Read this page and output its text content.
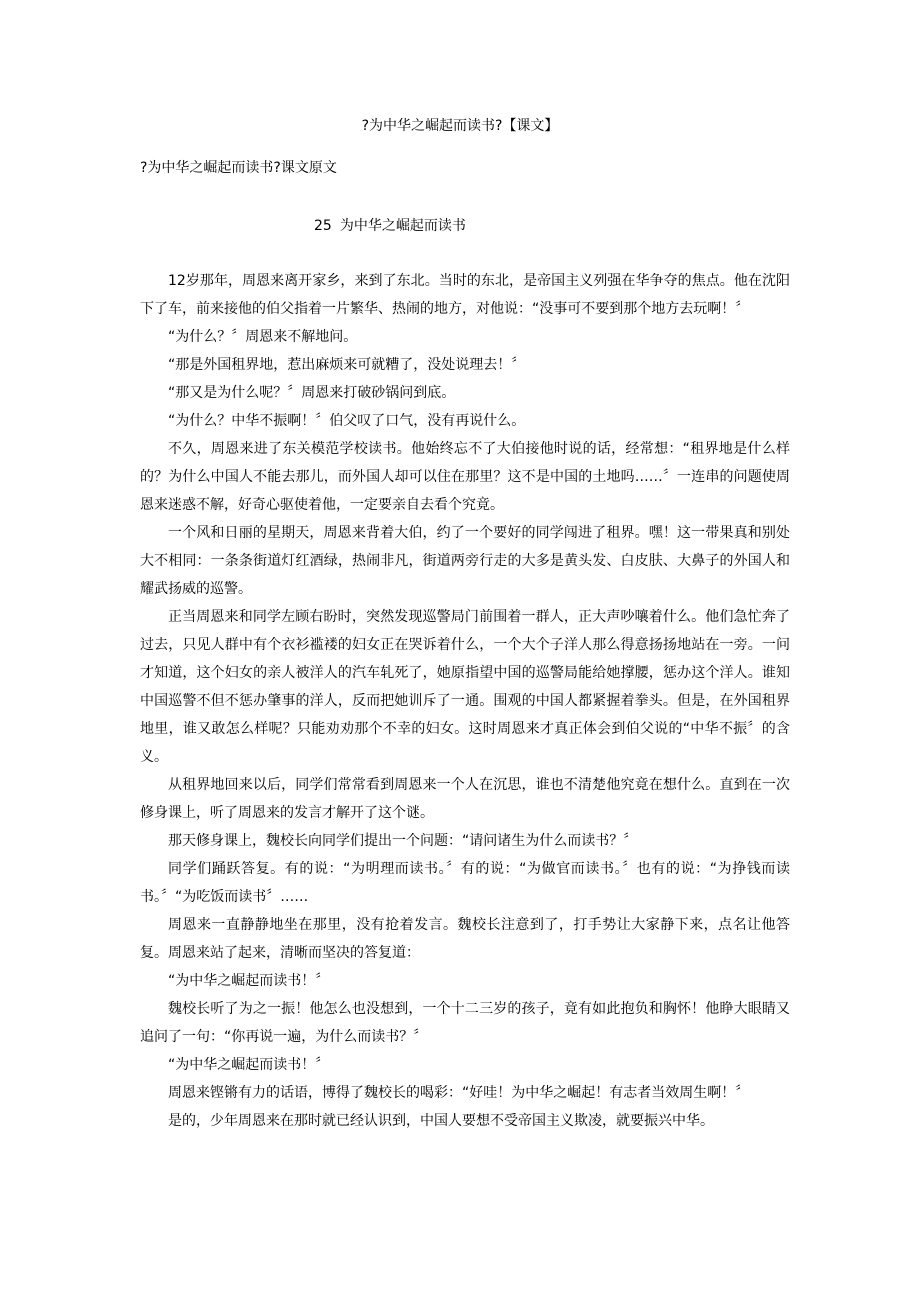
?为中华之崛起而读书?【课文】
?为中华之崛起而读书?课文原文
25 为中华之崛起而读书

12岁那年，周恩来离开家乡，来到了东北。当时的东北，是帝国主义列强在华争夺的焦点。他在沈阳下了车，前来接他的伯父指着一片繁华、热闹的地方，对他说：“没事可不要到那个地方去玩啊！〞

“为什么？〞周恩来不解地问。

“那是外国租界地，惹出麻烦来可就糟了，没处说理去！〞

“那又是为什么呢？〞周恩来打破砂锅问到底。

“为什么？中华不振啊！〞伯父叹了口气，没有再说什么。

不久，周恩来进了东关模范学校读书。他始终忘不了大伯接他时说的话，经常想：“租界地是什么样的？为什么中国人不能去那儿，而外国人却可以住在那里？这不是中国的土地吗……〞一连串的问题使周恩来迷惑不解，好奇心驱使着他，一定要亲自去看个究竟。

一个风和日丽的星期天，周恩来背着大伯，约了一个要好的同学闯进了租界。嘿！这一带果真和别处大不相同：一条条街道灯红酒绿，热闹非凡，街道两旁行走的大多是黄头发、白皮肤、大鼻子的外国人和耀武扬威的巡警。

正当周恩来和同学左顾右盼时，突然发现巡警局门前围着一群人，正大声吵嚷着什么。他们急忙奔了过去，只见人群中有个衣衫褴褛的妇女正在哭诉着什么，一个大个子洋人那么得意扬扬地站在一旁。一问才知道，这个妇女的亲人被洋人的汽车轧死了，她原指望中国的巡警局能给她撑腰，惩办这个洋人。谁知中国巡警不但不惩办肇事的洋人，反而把她训斥了一通。围观的中国人都紧握着拳头。但是，在外国租界地里，谁又敢怎么样呢？只能劝劝那个不幸的妇女。这时周恩来才真正体会到伯父说的“中华不振〞的含义。

从租界地回来以后，同学们常常看到周恩来一个人在沉思，谁也不清楚他究竟在想什么。直到在一次修身课上，听了周恩来的发言才解开了这个谜。

那天修身课上，魏校长向同学们提出一个问题：“请问诸生为什么而读书？〞

同学们踊跃答复。有的说：“为明理而读书。〞有的说：“为做官而读书。〞也有的说：“为挣钱而读书。〞“为吃饭而读书〞……

周恩来一直静静地坐在那里，没有抢着发言。魏校长注意到了，打手势让大家静下来，点名让他答复。周恩来站了起来，清晰而坚决的答复道：

“为中华之崛起而读书！〞

魏校长听了为之一振！他怎么也没想到，一个十二三岁的孩子，竟有如此抱负和胸怀！他睁大眼睛又追问了一句：“你再说一遍，为什么而读书？〞

“为中华之崛起而读书！〞

周恩来铿锵有力的话语，博得了魏校长的喝彩：“好哇！为中华之崛起！有志者当效周生啊！〞

是的，少年周恩来在那时就已经认识到，中国人要想不受帝国主义欺凌，就要振兴中华。
